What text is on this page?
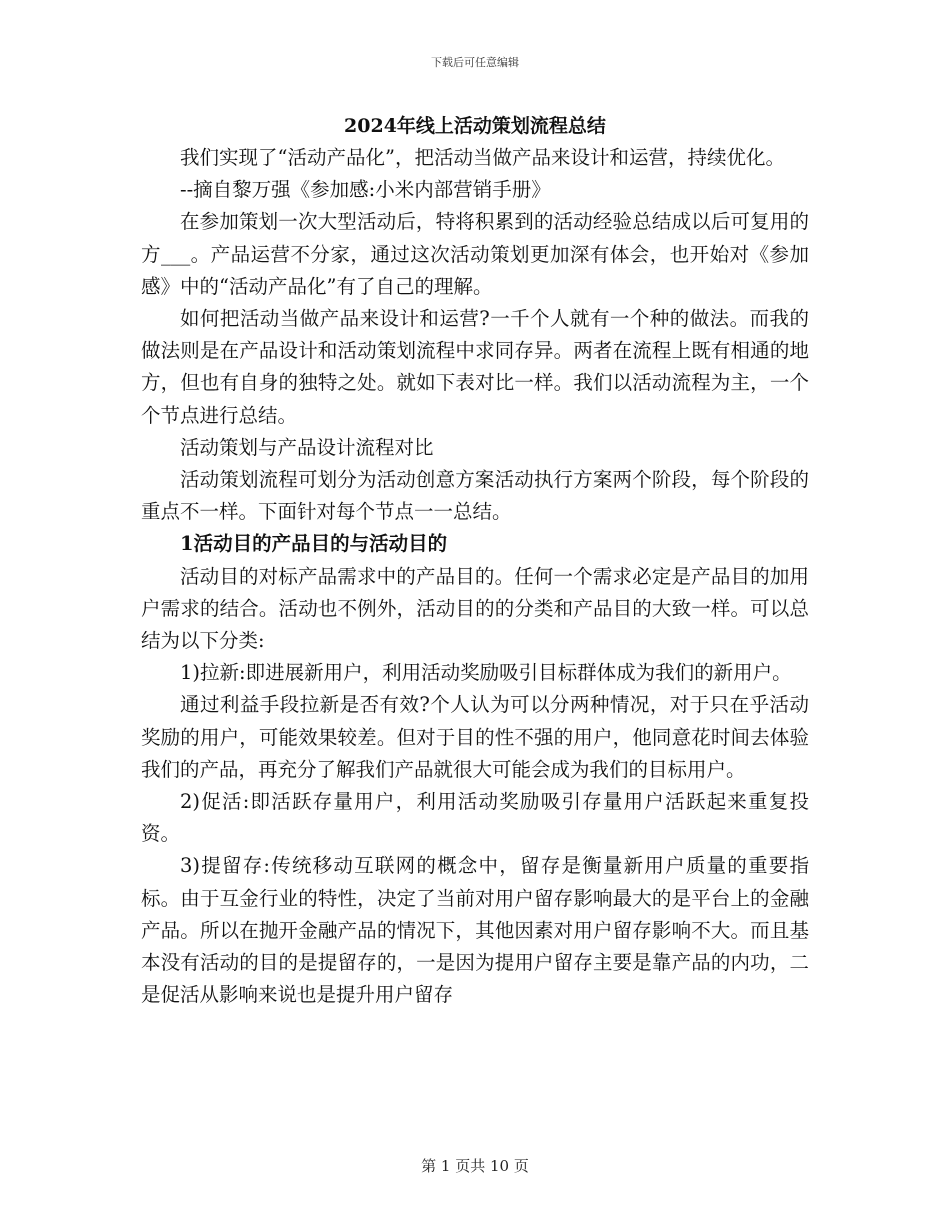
下载后可任意编辑
2024年线上活动策划流程总结

我们实现了“活动产品化”，把活动当做产品来设计和运营，持续优化。

--摘自黎万强《参加感:小米内部营销手册》

在参加策划一次大型活动后，特将积累到的活动经验总结成以后可复用的方___。产品运营不分家，通过这次活动策划更加深有体会，也开始对《参加感》中的“活动产品化”有了自己的理解。

如何把活动当做产品来设计和运营?一千个人就有一个种的做法。而我的做法则是在产品设计和活动策划流程中求同存异。两者在流程上既有相通的地方，但也有自身的独特之处。就如下表对比一样。我们以活动流程为主，一个个节点进行总结。

活动策划与产品设计流程对比

活动策划流程可划分为活动创意方案活动执行方案两个阶段，每个阶段的重点不一样。下面针对每个节点一一总结。

1活动目的产品目的与活动目的

活动目的对标产品需求中的产品目的。任何一个需求必定是产品目的加用户需求的结合。活动也不例外，活动目的的分类和产品目的大致一样。可以总结为以下分类:

1)拉新:即进展新用户，利用活动奖励吸引目标群体成为我们的新用户。

通过利益手段拉新是否有效?个人认为可以分两种情况，对于只在乎活动奖励的用户，可能效果较差。但对于目的性不强的用户，他同意花时间去体验我们的产品，再充分了解我们产品就很大可能会成为我们的目标用户。

2)促活:即活跃存量用户，利用活动奖励吸引存量用户活跃起来重复投资。

3)提留存:传统移动互联网的概念中，留存是衡量新用户质量的重要指标。由于互金行业的特性，决定了当前对用户留存影响最大的是平台上的金融产品。所以在抛开金融产品的情况下，其他因素对用户留存影响不大。而且基本没有活动的目的是提留存的，一是因为提用户留存主要是靠产品的内功，二是促活从影响来说也是提升用户留存

第 1 页共 10 页
